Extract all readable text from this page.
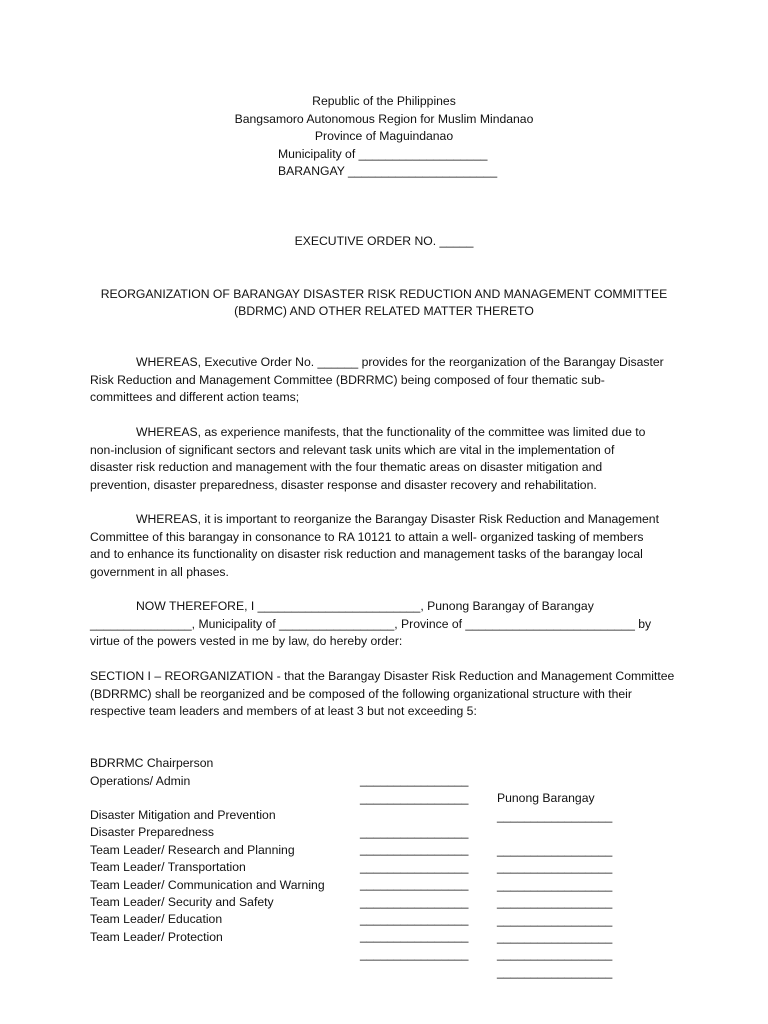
Republic of the Philippines
Bangsamoro Autonomous Region for Muslim Mindanao
Province of Maguindanao
Municipality of ___________________
BARANGAY ______________________
EXECUTIVE ORDER NO. _____
REORGANIZATION OF BARANGAY DISASTER RISK REDUCTION AND MANAGEMENT COMMITTEE
(BDRMC) AND OTHER RELATED MATTER THERETO
WHEREAS, Executive Order No. ______ provides for the reorganization of the Barangay Disaster
Risk Reduction and Management Committee (BDRRMC) being composed of four thematic sub-
committees and different action teams;
WHEREAS, as experience manifests, that the functionality of the committee was limited due to
non-inclusion of significant sectors and relevant task units which are vital in the implementation of
disaster risk reduction and management with the four thematic areas on disaster mitigation and
prevention, disaster preparedness, disaster response and disaster recovery and rehabilitation.
WHEREAS, it is important to reorganize the Barangay Disaster Risk Reduction and Management
Committee of this barangay in consonance to RA 10121 to attain a well- organized tasking of members
and to enhance its functionality on disaster risk reduction and management tasks of the barangay local
government in all phases.
NOW THEREFORE, I ________________________, Punong Barangay of Barangay
_______________, Municipality of _________________, Province of _________________________ by
virtue of the powers vested in me by law, do hereby order:
SECTION I – REORGANIZATION - that the Barangay Disaster Risk Reduction and Management Committee
(BDRRMC) shall be reorganized and be composed of the following organizational structure with their
respective team leaders and members of at least 3 but not exceeding 5:

BDRRMC Chairperson

________________

Punong Barangay

Operations/ Admin

________________

_________________

Disaster Mitigation and Prevention

________________

_________________

Disaster Preparedness

________________

_________________

Team Leader/ Research and Planning

________________

_________________

Team Leader/ Transportation

________________

_________________

Team Leader/ Communication and Warning

________________

_________________

Team Leader/ Security and Safety

________________

_________________

Team Leader/ Education

________________

_________________

Team Leader/ Protection

________________

_________________
